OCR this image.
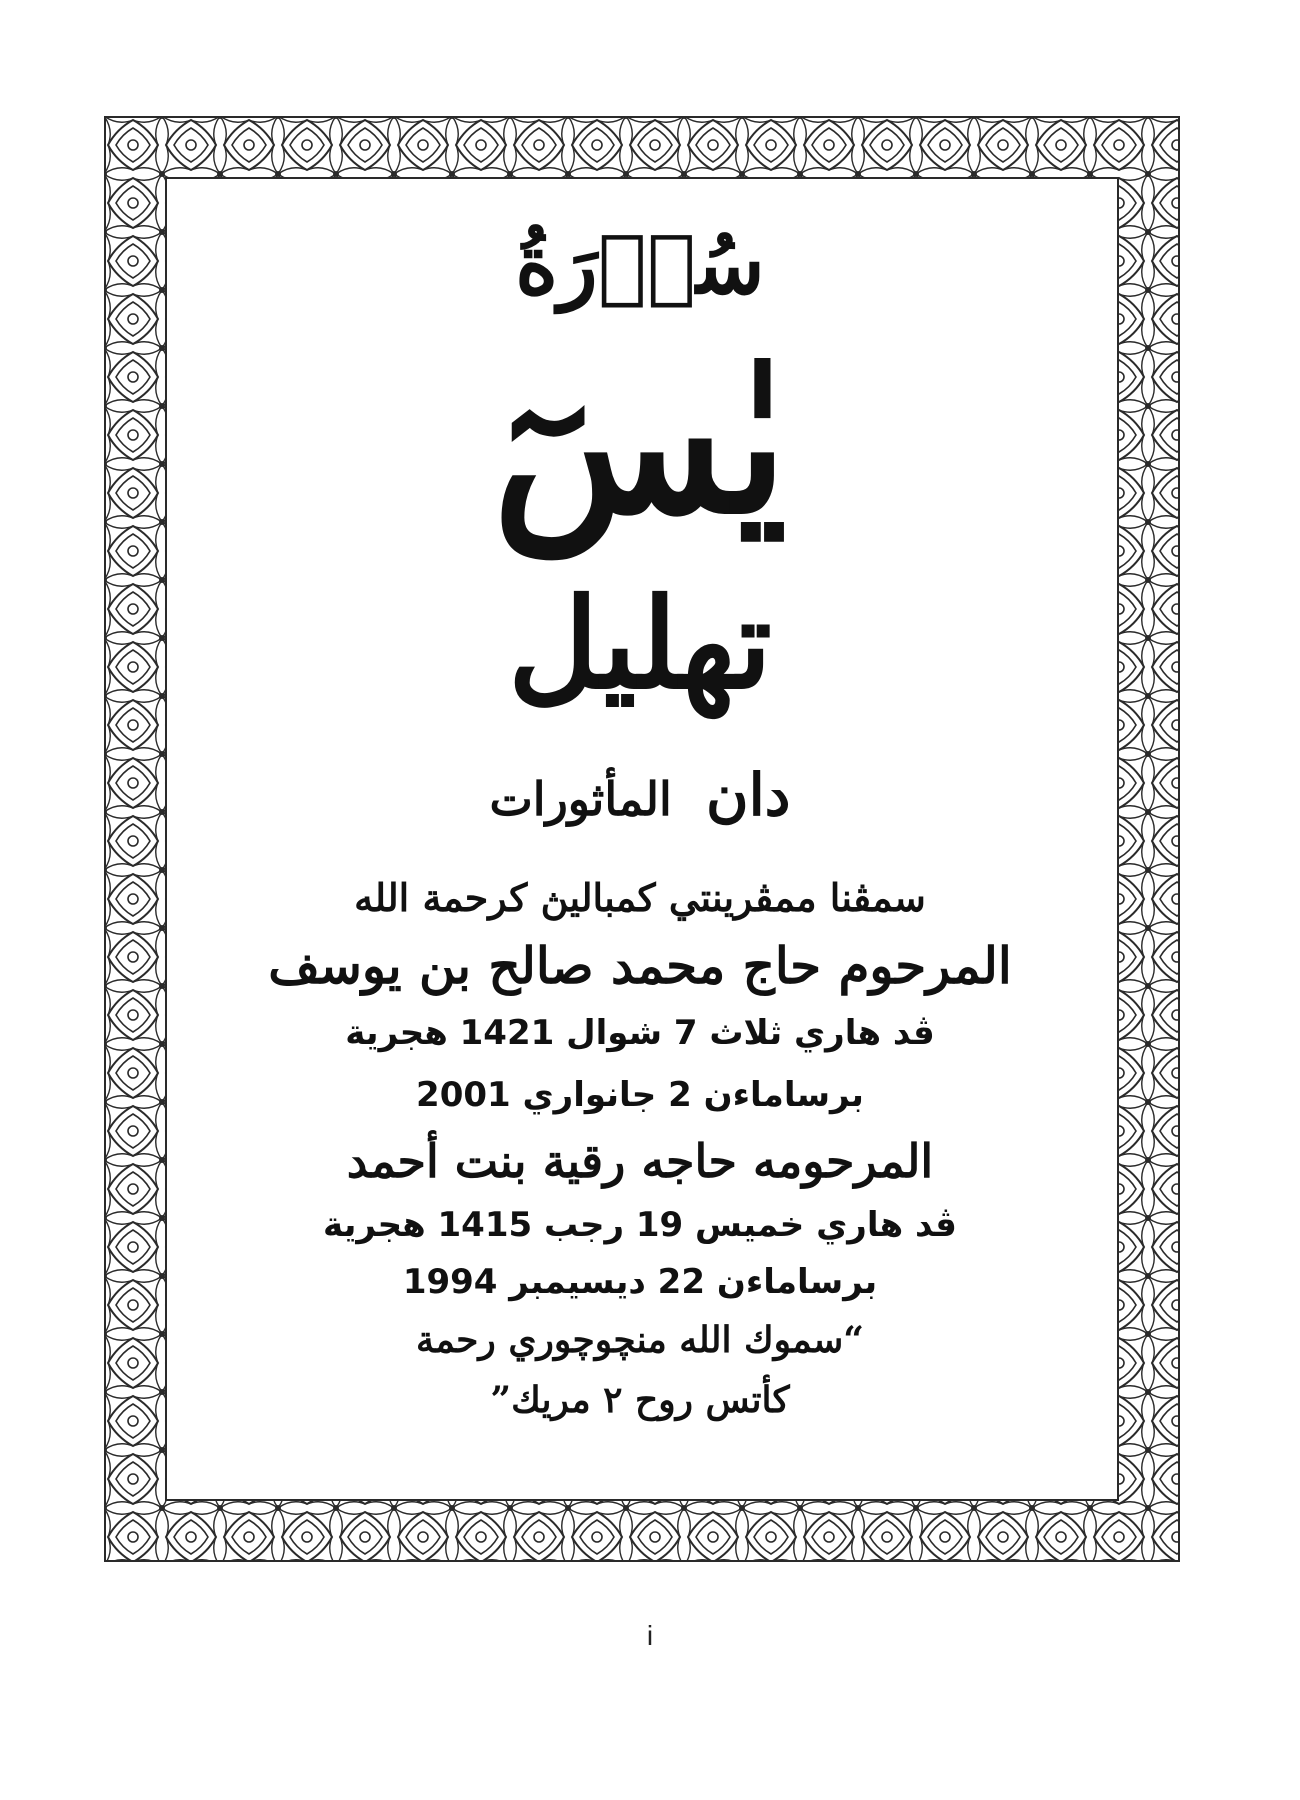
سُوۡرَةُ
يٰسٓ
تهليل
دان المأثورات
سمڤنا ممڤرينتي كمباليڽ كرحمة الله
المرحوم حاج محمد صالح بن يوسف
ڤد هاري ثلاث 7 شوال 1421 هجرية
برساماءن 2 جانواري 2001
المرحومه حاجه رقية بنت أحمد
ڤد هاري خميس 19 رجب 1415 هجرية
برساماءن 22 ديسيمبر 1994
“سموك الله منچوچوري رحمة
كأتس روح ٢ مريك”
i
